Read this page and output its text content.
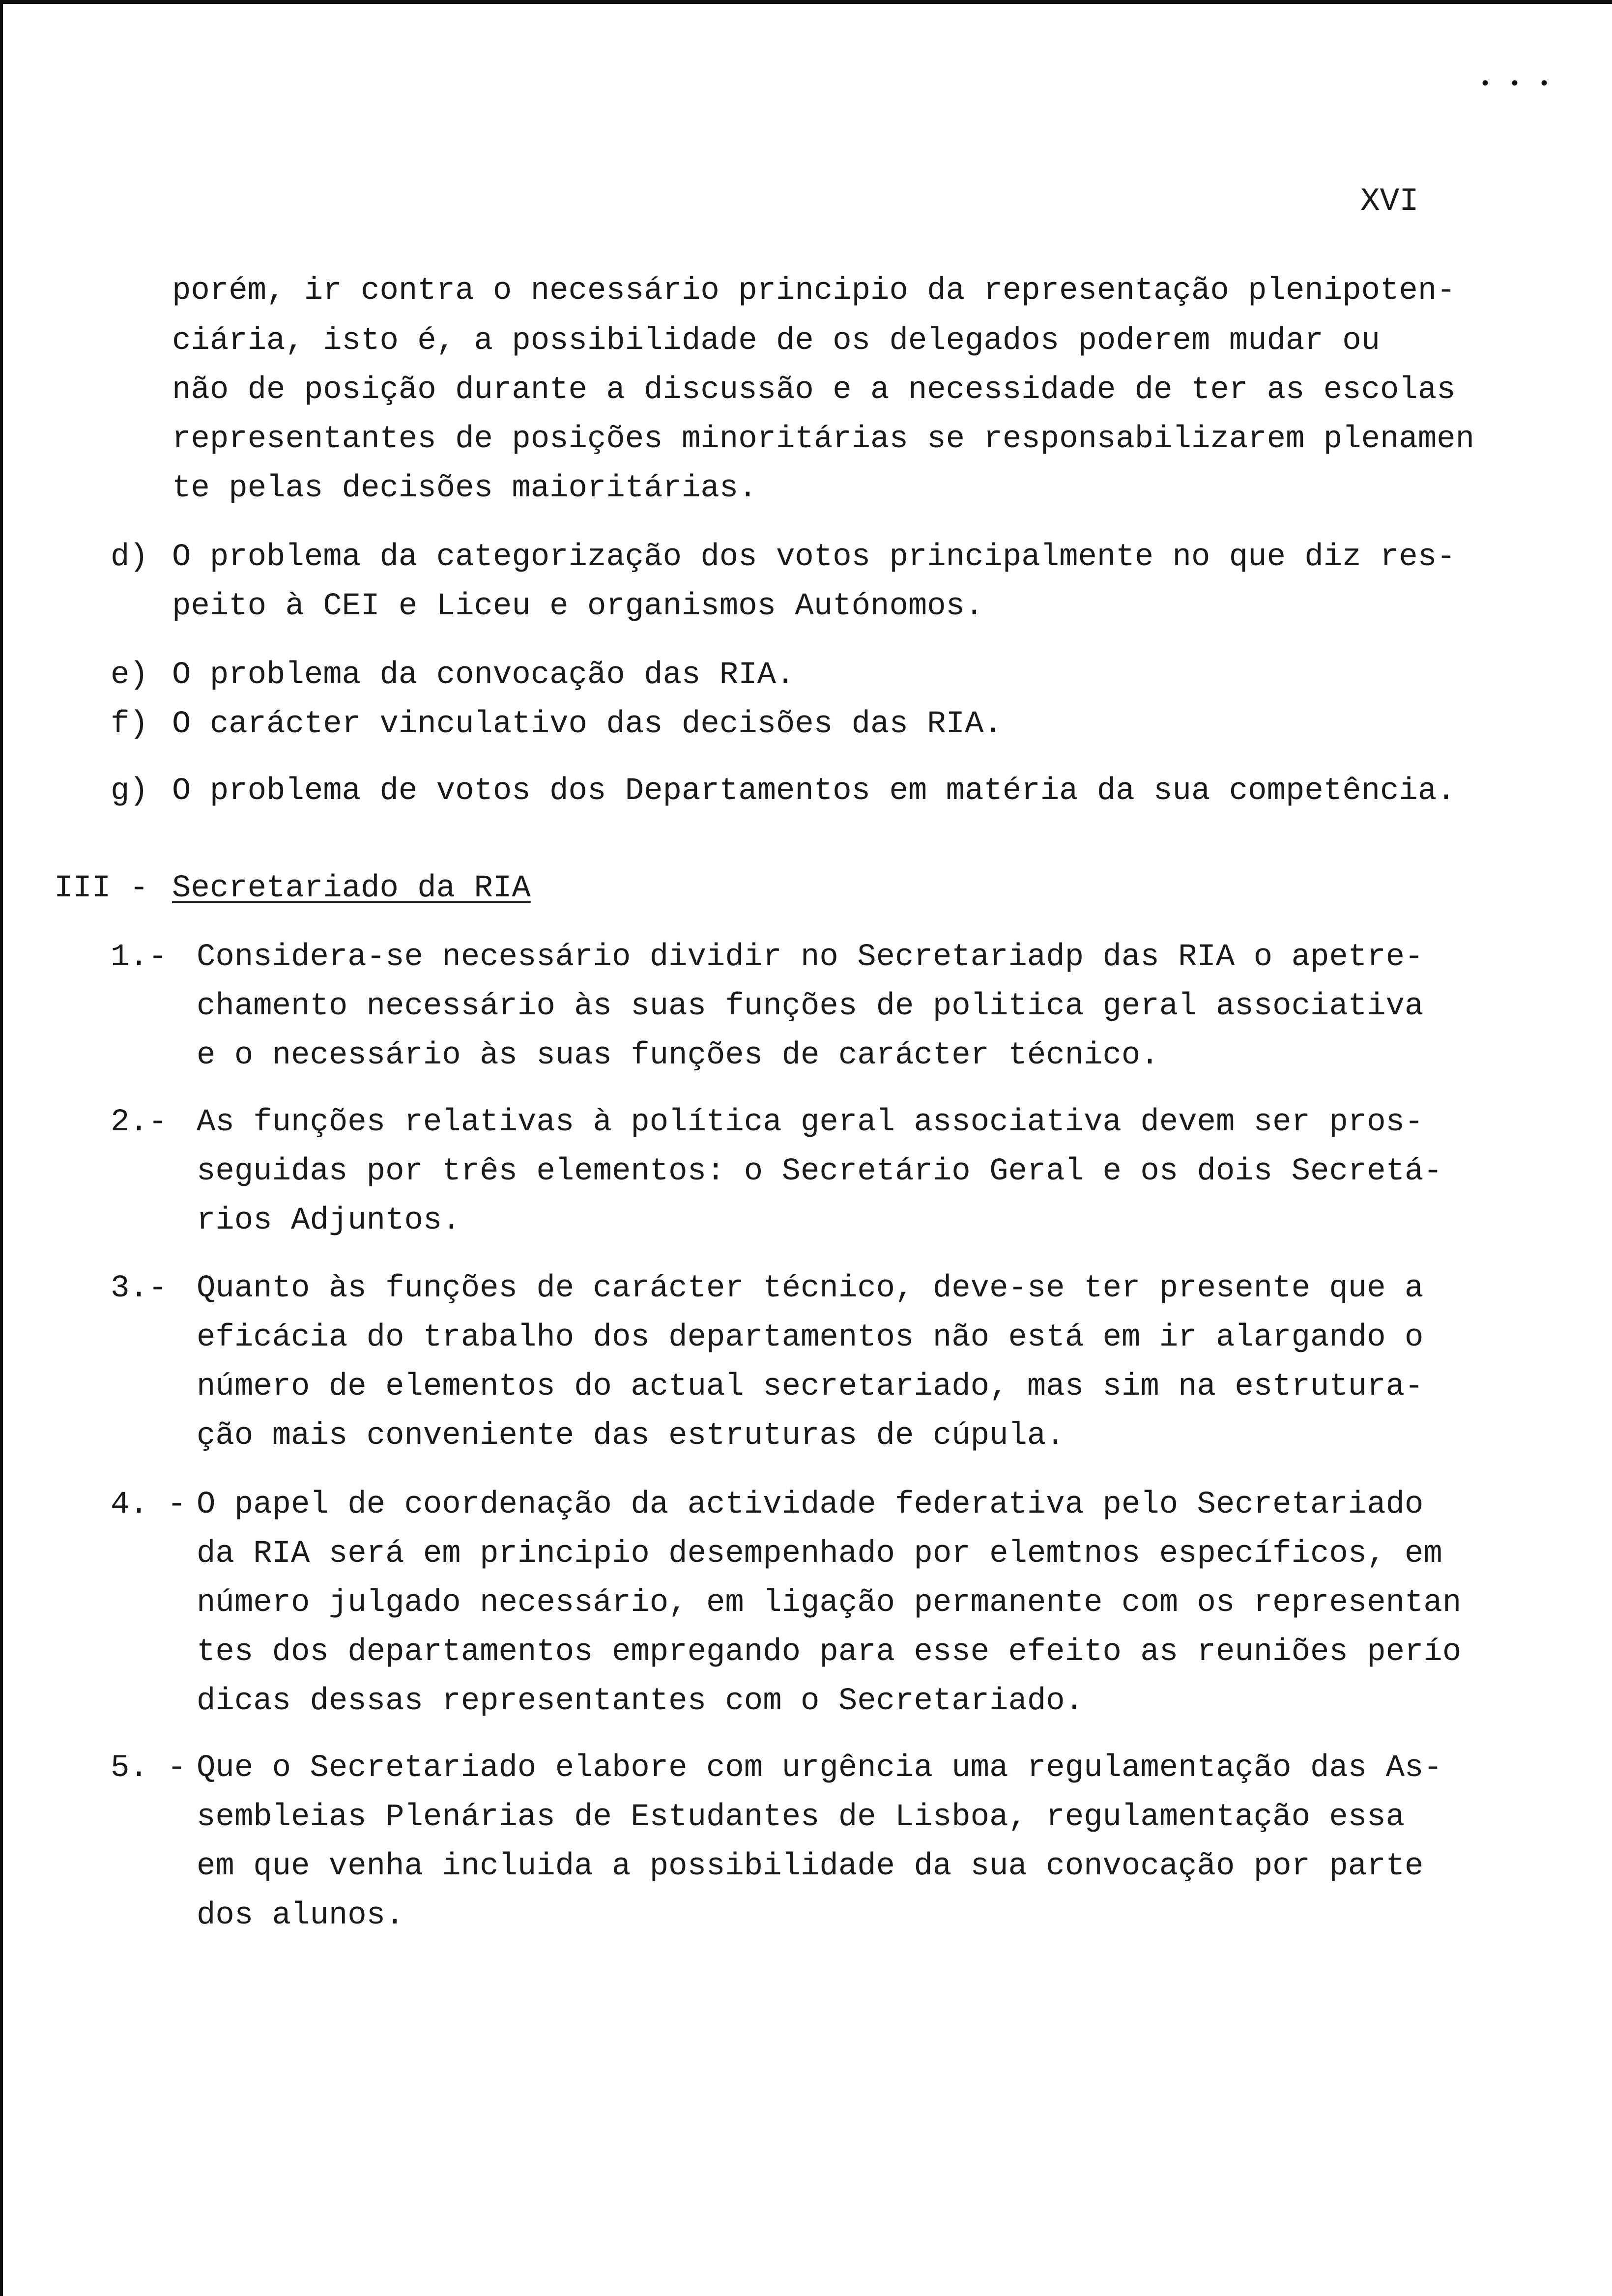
• • •
XVI
porém, ir contra o necessário principio da representação plenipoten-
ciária, isto é, a possibilidade de os delegados poderem mudar ou
não de posição durante a discussão e a necessidade de ter as escolas
representantes de posições minoritárias se responsabilizarem plenamen
te pelas decisões maioritárias.
d) O problema da categorização dos votos principalmente no que diz res-
peito à CEI e Liceu e organismos Autónomos.
e) O problema da convocação das RIA.
f) O carácter vinculativo das decisões das RIA.
g) O problema de votos dos Departamentos em matéria da sua competência.
III - Secretariado da RIA
1.- Considera-se necessário dividir no Secretariadp das RIA o apetre-
chamento necessário às suas funções de politica geral associativa
e o necessário às suas funções de carácter técnico.
2.- As funções relativas à política geral associativa devem ser pros-
seguidas por três elementos: o Secretário Geral e os dois Secretá-
rios Adjuntos.
3.- Quanto às funções de carácter técnico, deve-se ter presente que a
eficácia do trabalho dos departamentos não está em ir alargando o
número de elementos do actual secretariado, mas sim na estrutura-
ção mais conveniente das estruturas de cúpula.
4. - O papel de coordenação da actividade federativa pelo Secretariado
da RIA será em principio desempenhado por elemtnos específicos, em
número julgado necessário, em ligação permanente com os representan
tes dos departamentos empregando para esse efeito as reuniões perío
dicas dessas representantes com o Secretariado.
5. - Que o Secretariado elabore com urgência uma regulamentação das As-
sembleias Plenárias de Estudantes de Lisboa, regulamentação essa
em que venha incluida a possibilidade da sua convocação por parte
dos alunos.
